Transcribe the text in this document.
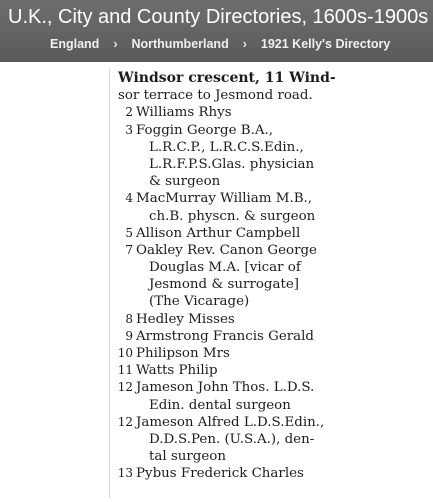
U.K., City and County Directories, 1600s-1900s
England › Northumberland › 1921 Kelly's Directory
Windsor crescent, 11 Wind-
sor terrace to Jesmond road.
2 Williams Rhys
3 Foggin George B.A.,
L.R.C.P., L.R.C.S.Edin.,
L.R.F.P.S.Glas. physician
& surgeon
4 MacMurray William M.B.,
ch.B. physcn. & surgeon
5 Allison Arthur Campbell
7 Oakley Rev. Canon George
Douglas M.A. [vicar of
Jesmond & surrogate]
(The Vicarage)
8 Hedley Misses
9 Armstrong Francis Gerald
10 Philipson Mrs
11 Watts Philip
12 Jameson John Thos. L.D.S.
Edin. dental surgeon
12 Jameson Alfred L.D.S.Edin.,
D.D.S.Pen. (U.S.A.), den-
tal surgeon
13 Pybus Frederick Charles
